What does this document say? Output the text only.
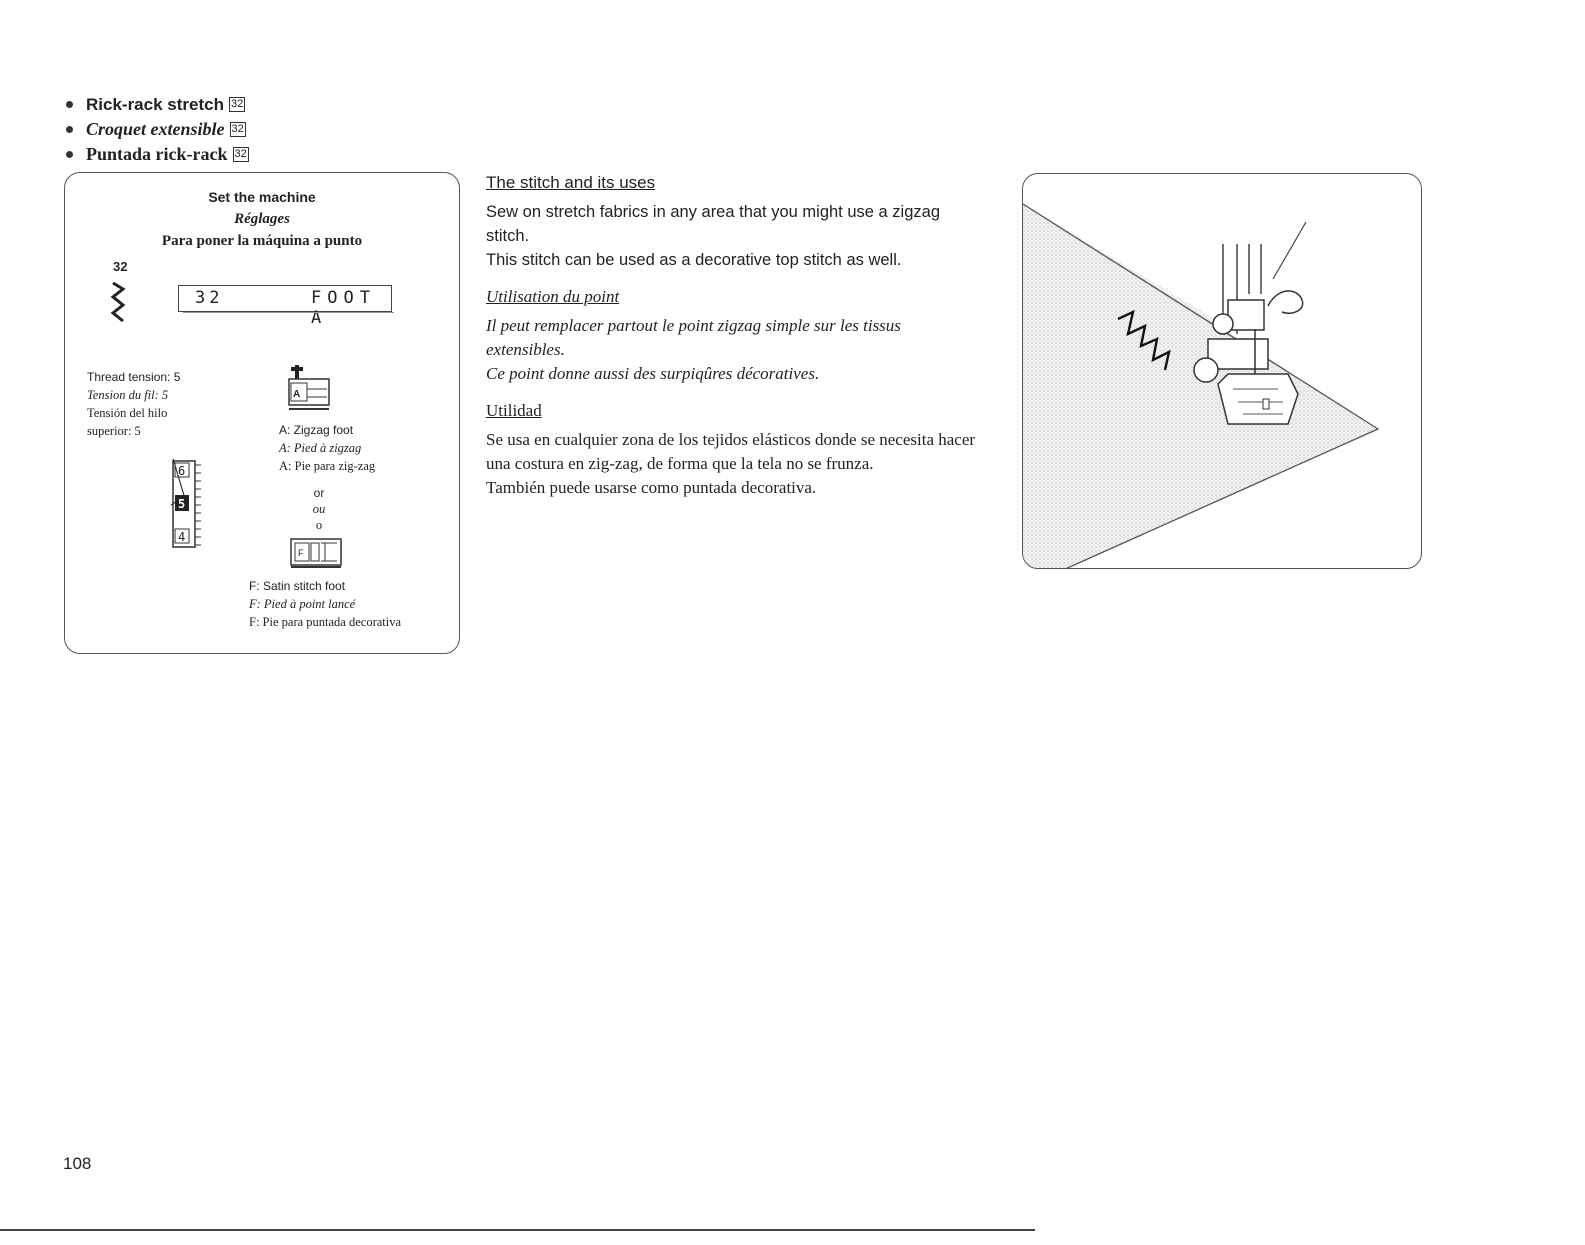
Rick-rack stretch 32
Croquet extensible 32
Puntada rick-rack 32
Set the machine
Réglages
Para poner la máquina a punto
32
32	FOOT A
Thread tension: 5
Tension du fil: 5
Tensión del hilo
superior: 5
6
5
4
A
A: Zigzag foot
A: Pied à zigzag
A: Pie para zig-zag
or
ou
o
F
F: Satin stitch foot
F: Pied à point lancé
F: Pie para puntada decorativa
The stitch and its uses
Sew on stretch fabrics in any area that you might use a zigzag stitch.
This stitch can be used as a decorative top stitch as well.
Utilisation du point
Il peut remplacer partout le point zigzag simple sur les tissus extensibles.
Ce point donne aussi des surpiqûres décoratives.
Utilidad
Se usa en cualquier zona de los tejidos elásticos donde se necesita hacer una costura en zig-zag, de forma que la tela no se frunza.
También puede usarse como puntada decorativa.
108
